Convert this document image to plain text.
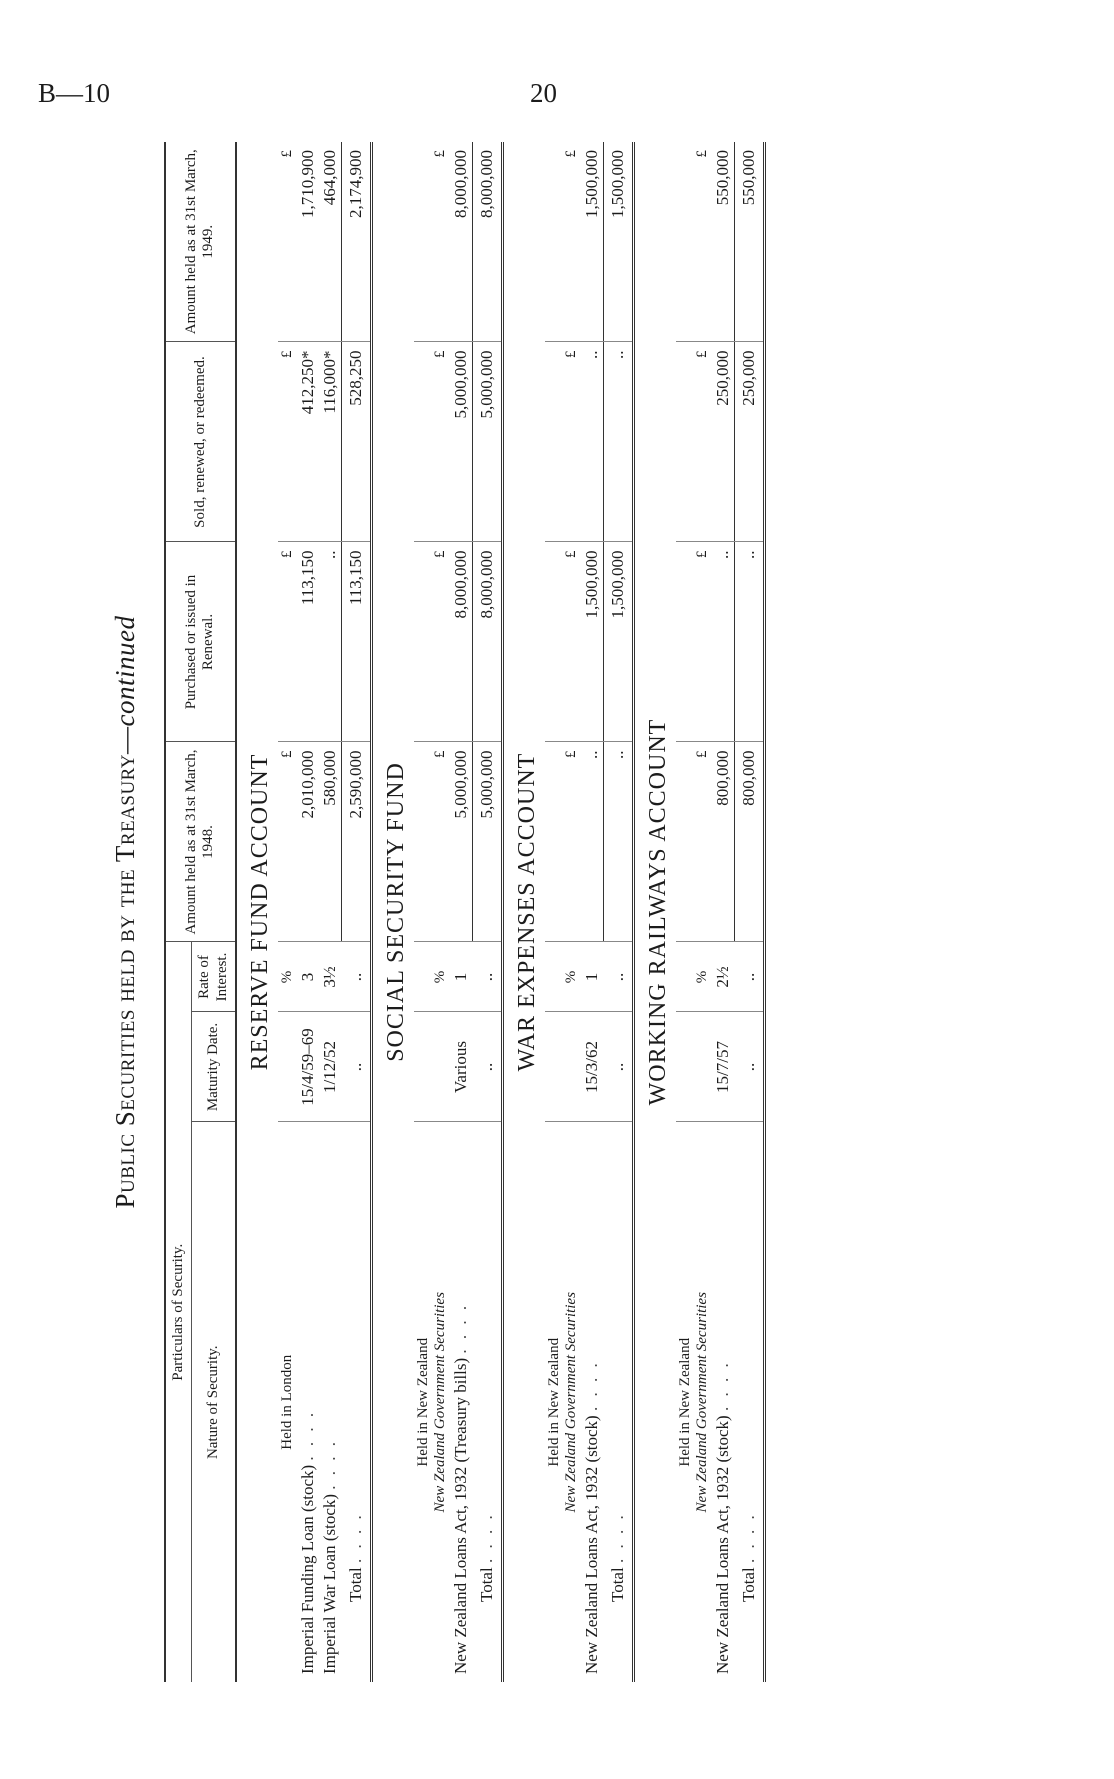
B—10	20
Public Securities held by the Treasury—continued
Particulars of Security.			Amount held as at 31st March, 1948.	Purchased or issued in Renewal.	Sold, renewed, or redeemed.	Amount held as at 31st March, 1949.
Nature of Security.	Maturity Date.	Rate of Interest.				
RESERVE FUND ACCOUNT						
Held in London		%	£	£	£	£
Imperial Funding Loan (stock) . . . .	15/4/59–69	3	2,010,000	113,150	412,250*	1,710,900
Imperial War Loan (stock) . . . .	1/12/52	3½	580,000	..	116,000*	464,000
Total . . . .	..	..	2,590,000	113,150	528,250	2,174,900
SOCIAL SECURITY FUND						
Held in New Zealand
New Zealand Government Securities		%	£	£	£	£
New Zealand Loans Act, 1932 (Treasury bills) . . . .	Various	1	5,000,000	8,000,000	5,000,000	8,000,000
Total . . . .	..	..	5,000,000	8,000,000	5,000,000	8,000,000
WAR EXPENSES ACCOUNT						
Held in New Zealand
New Zealand Government Securities		%	£	£	£	£
New Zealand Loans Act, 1932 (stock) . . . .	15/3/62	1	..	1,500,000	..	1,500,000
Total . . . .	..	..	..	1,500,000	..	1,500,000
WORKING RAILWAYS ACCOUNT						
Held in New Zealand
New Zealand Government Securities		%	£	£	£	£
New Zealand Loans Act, 1932 (stock) . . . .	15/7/57	2½	800,000	..	250,000	550,000
Total . . . .	..	..	800,000	..	250,000	550,000
